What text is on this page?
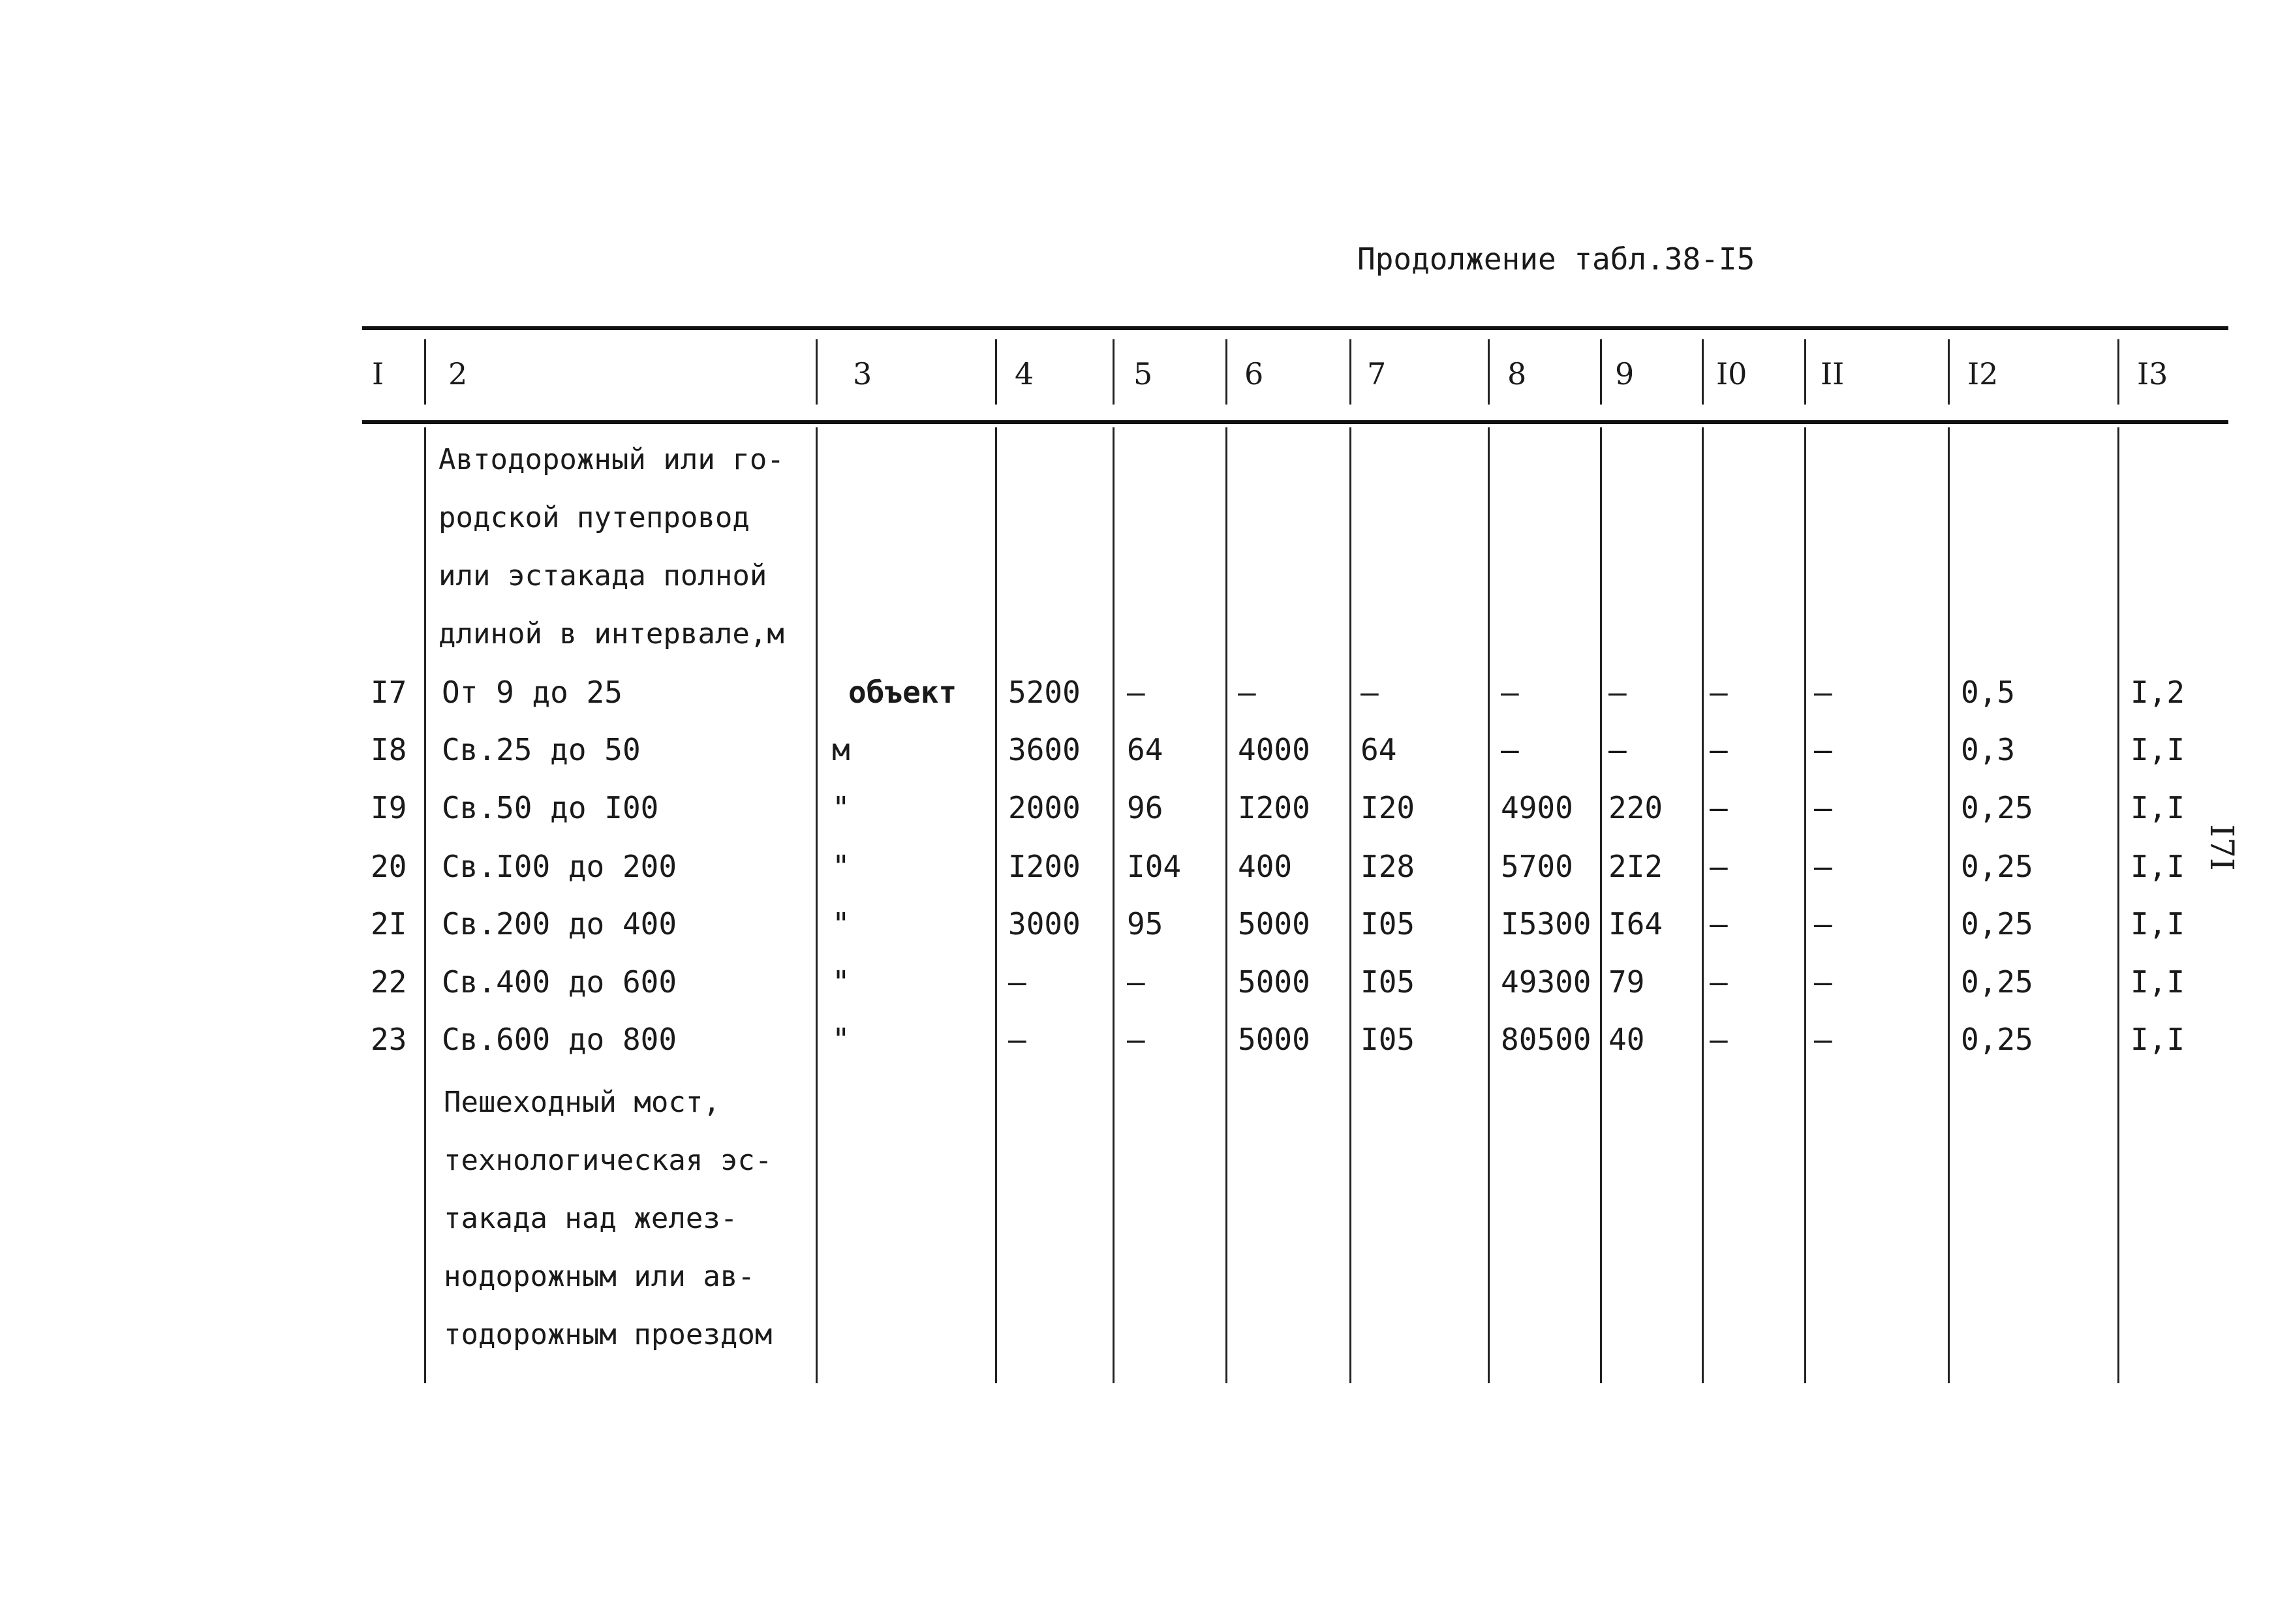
Продолжение табл.38-I5
I7I
I 2	3	4	5	6	7	8	9	I0 II	I2	I3
Автодорожный или го-
родской путепровод
или эстакада полной
длиной в интервале,м
I7 От 9 до 25	объект 5200 –	–	–	–	–	–	–	0,5	I,2
I8 Св.25 до 50	м	3600 64 4000 64	–	–	–	–	0,3	I,I
I9 Св.50 до I00	"	2000 96 I200 I20	4900 220 –	–	0,25	I,I
20 Св.I00 до 200	"	I200 I04 400 I28	5700 2I2 –	–	0,25	I,I
2I Св.200 до 400	"	3000 95 5000 I05	I5300 I64 –	–	0,25	I,I
22 Св.400 до 600	"	–	–	5000 I05	49300 79 –	–	0,25	I,I
23 Св.600 до 800	"	–	–	5000 I05	80500 40 –	–	0,25	I,I
Пешеходный мост,
технологическая эс-
такада над желез-
нодорожным или ав-
тодорожным проездом
